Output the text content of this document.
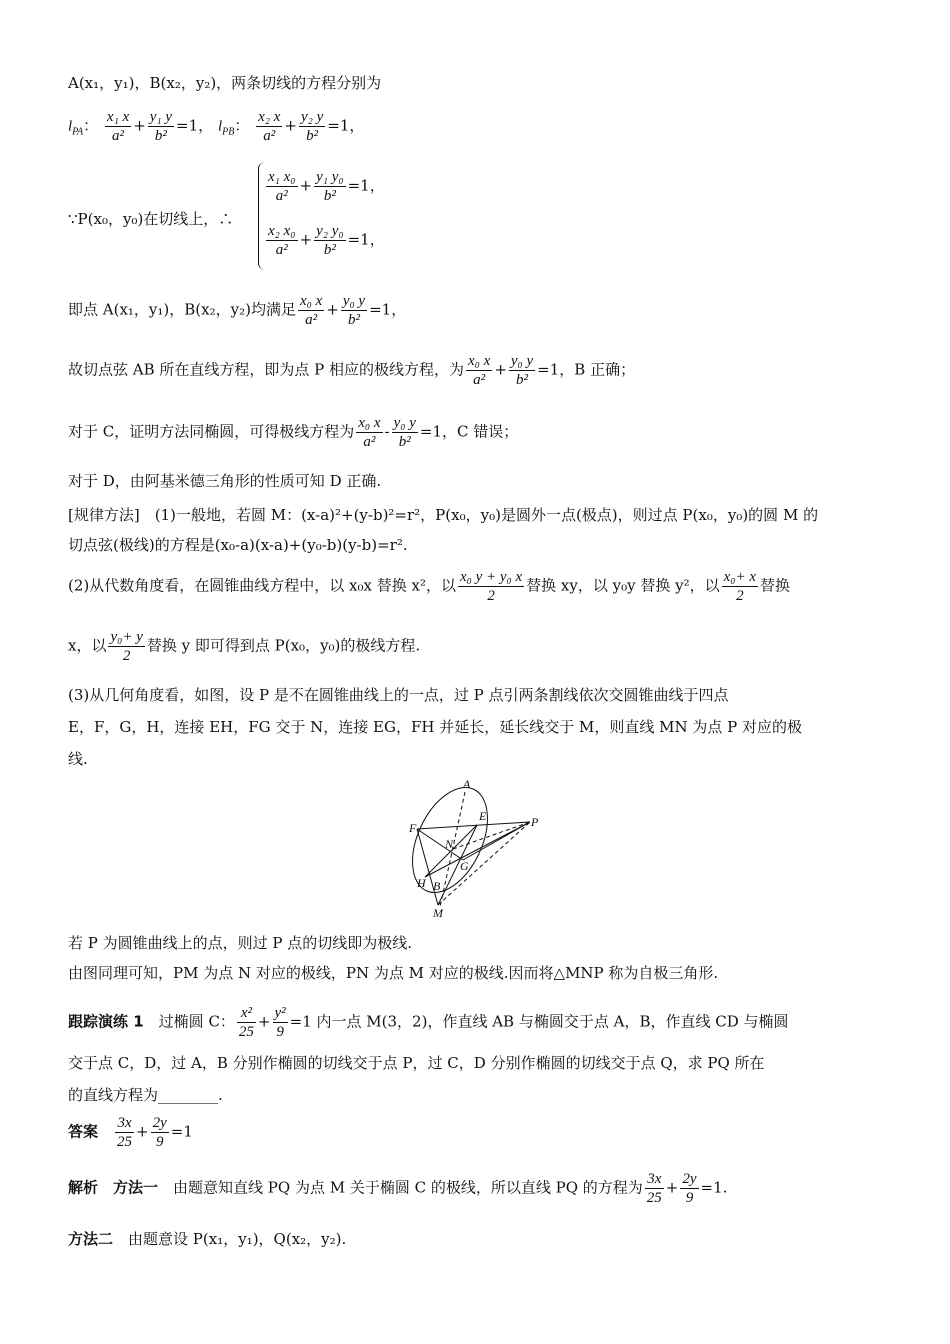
A(x₁，y₁)，B(x₂，y₂)，两条切线的方程分别为
$l_{PA}$： $\frac{\text{x₁ x}}{\text{a²}} + \frac{\text{y₁ y}}{\text{b²}} =1$， $l_{PB}$： $\frac{\text{x₂ x}}{\text{a²}} + \frac{\text{y₂ y}}{\text{b²}} =1$，
∵P(x₀，y₀)在切线上，∴
$\frac{\text{x₁ x₀}}{\text{a²}} + \frac{\text{y₁ y₀}}{\text{b²}} =1$，
$\frac{\text{x₂ x₀}}{\text{a²}} + \frac{\text{y₂ y₀}}{\text{b²}} =1$，
即点 A(x₁，y₁)，B(x₂，y₂)均满足 $\frac{\text{x₀ x}}{\text{a²}} + \frac{\text{y₀ y}}{\text{b²}} =1$，
故切点弦 AB 所在直线方程，即为点 P 相应的极线方程，为 $\frac{\text{x₀ x}}{\text{a²}} + \frac{\text{y₀ y}}{\text{b²}} =1$，B 正确；
对于 C，证明方法同椭圆，可得极线方程为 $\frac{\text{x₀ x}}{\text{a²}} - \frac{\text{y₀ y}}{\text{b²}} =1$，C 错误；
对于 D，由阿基米德三角形的性质可知 D 正确.
[规律方法]　(1)一般地，若圆 M：(x-a)²+(y-b)²=r²，P(x₀，y₀)是圆外一点(极点)，则过点 P(x₀，y₀)的圆 M 的
切点弦(极线)的方程是(x₀-a)(x-a)+(y₀-b)(y-b)=r².
(2)从代数角度看，在圆锥曲线方程中，以 x₀x 替换 x²，以 $\frac{\text{x₀ y + y₀ x}}{2}$ 替换 xy，以 y₀y 替换 y²，以 $\frac{\text{x₀+ x}}{2}$ 替换
x，以 $\frac{\text{y₀+ y}}{2}$ 替换 y 即可得到点 P(x₀，y₀)的极线方程.
(3)从几何角度看，如图，设 P 是不在圆锥曲线上的一点，过 P 点引两条割线依次交圆锥曲线于四点
E，F，G，H，连接 EH，FG 交于 N，连接 EG，FH 并延长，延长线交于 M，则直线 MN 为点 P 对应的极
线.
A
E	P
F
N
G
H B
M
若 P 为圆锥曲线上的点，则过 P 点的切线即为极线.
由图同理可知，PM 为点 N 对应的极线，PN 为点 M 对应的极线.因而将△MNP 称为自极三角形.
跟踪演练 1　过椭圆 C： $\frac{\text{x²}}{25} + \frac{\text{y²}}{9} =1$ 内一点 M(3，2)，作直线 AB 与椭圆交于点 A，B，作直线 CD 与椭圆
交于点 C，D，过 A，B 分别作椭圆的切线交于点 P，过 C，D 分别作椭圆的切线交于点 Q，求 PQ 所在
的直线方程为________.
答案　 $\frac{3x}{25} + \frac{2y}{9} =1$
解析　方法一　由题意知直线 PQ 为点 M 关于椭圆 C 的极线，所以直线 PQ 的方程为 $\frac{3x}{25} + \frac{2y}{9} =1$.
方法二　由题意设 P(x₁，y₁)，Q(x₂，y₂).
